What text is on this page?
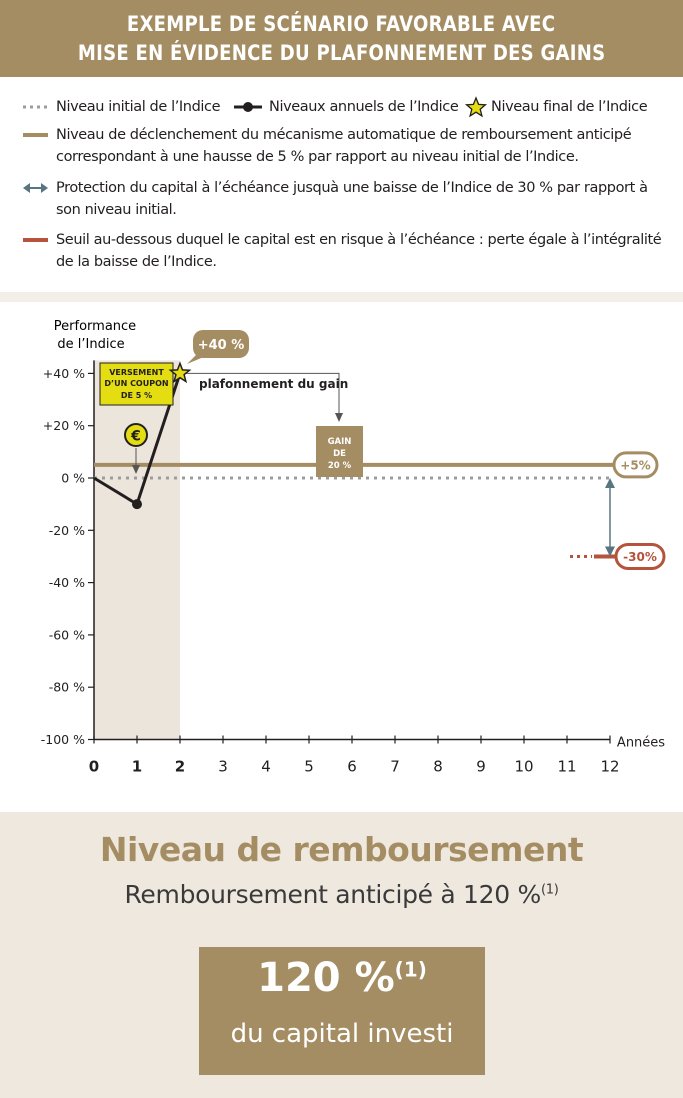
EXEMPLE DE SCÉNARIO FAVORABLE AVEC
MISE EN ÉVIDENCE DU PLAFONNEMENT DES GAINS
Niveau initial de l’Indice	Niveaux annuels de l’Indice Niveau final de l’Indice
Niveau de déclenchement du mécanisme automatique de remboursement anticipé
correspondant à une hausse de 5 % par rapport au niveau initial de l’Indice.
Protection du capital à l’échéance jusquà une baisse de l’Indice de 30 % par rapport à
son niveau initial.
Seuil au-dessous duquel le capital est en risque à l’échéance : perte égale à l’intégralité
de la baisse de l’Indice.
Performance
de l’Indice
+40 %
+20 %
0 %
-20 %
-40 %
-60 %
-80 %
-100 %
0 1 2 3 4 5 6 7 8 9 10 11 12
Années
+5%
-30%
plafonnement du gain
GAIN
DE
20 %
VERSEMENT
D’UN COUPON
DE 5 %
€
+40 %
Niveau de remboursement
Remboursement anticipé à 120 %$^{(1)}$
120 %$^{(1)}$
du capital investi
